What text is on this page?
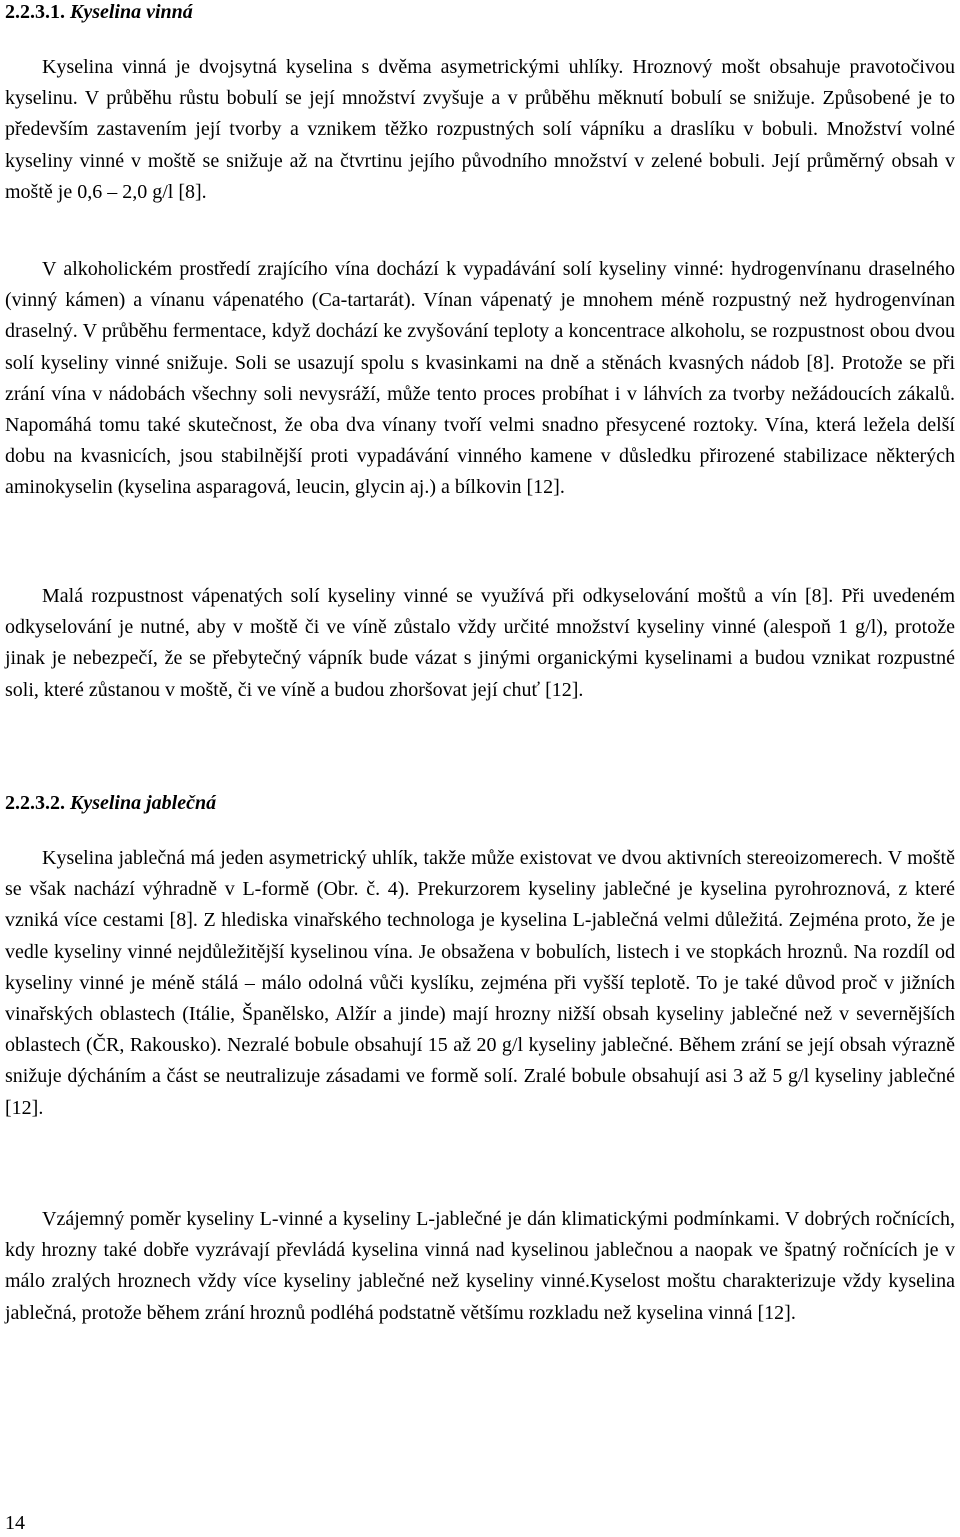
2.2.3.1. Kyselina vinná

Kyselina vinná je dvojsytná kyselina s dvěma asymetrickými uhlíky. Hroznový mošt obsahuje pravotočivou kyselinu. V průběhu růstu bobulí se její množství zvyšuje a v průběhu měknutí bobulí se snižuje. Způsobené je to především zastavením její tvorby a vznikem těžko rozpustných solí vápníku a draslíku v bobuli. Množství volné kyseliny vinné v moště se snižuje až na čtvrtinu jejího původního množství v zelené bobuli. Její průměrný obsah v moště je 0,6 – 2,0 g/l [8].

V alkoholickém prostředí zrajícího vína dochází k vypadávání solí kyseliny vinné: hydrogenvínanu draselného (vinný kámen) a vínanu vápenatého (Ca-tartarát). Vínan vápenatý je mnohem méně rozpustný než hydrogenvínan draselný. V průběhu fermentace, když dochází ke zvyšování teploty a koncentrace alkoholu, se rozpustnost obou dvou solí kyseliny vinné snižuje. Soli se usazují spolu s kvasinkami na dně a stěnách kvasných nádob [8]. Protože se při zrání vína v nádobách všechny soli nevysráží, může tento proces probíhat i v láhvích za tvorby nežádoucích zákalů. Napomáhá tomu také skutečnost, že oba dva vínany tvoří velmi snadno přesycené roztoky. Vína, která ležela delší dobu na kvasnicích, jsou stabilnější proti vypadávání vinného kamene v důsledku přirozené stabilizace některých aminokyselin (kyselina asparagová, leucin, glycin aj.) a bílkovin [12].

Malá rozpustnost vápenatých solí kyseliny vinné se využívá při odkyselování moštů a vín [8]. Při uvedeném odkyselování je nutné, aby v moště či ve víně zůstalo vždy určité množství kyseliny vinné (alespoň 1 g/l), protože jinak je nebezpečí, že se přebytečný vápník bude vázat s jinými organickými kyselinami a budou vznikat rozpustné soli, které zůstanou v moště, či ve víně a budou zhoršovat její chuť [12].

2.2.3.2. Kyselina jablečná

Kyselina jablečná má jeden asymetrický uhlík, takže může existovat ve dvou aktivních stereoizomerech. V moště se však nachází výhradně v L-formě (Obr. č. 4). Prekurzorem kyseliny jablečné je kyselina pyrohroznová, z které vzniká více cestami [8]. Z hlediska vinařského technologa je kyselina L-jablečná velmi důležitá. Zejména proto, že je vedle kyseliny vinné nejdůležitější kyselinou vína. Je obsažena v bobulích, listech i ve stopkách hroznů. Na rozdíl od kyseliny vinné je méně stálá – málo odolná vůči kyslíku, zejména při vyšší teplotě. To je také důvod proč v jižních vinařských oblastech (Itálie, Španělsko, Alžír a jinde) mají hrozny nižší obsah kyseliny jablečné než v severnějších oblastech (ČR, Rakousko). Nezralé bobule obsahují 15 až 20 g/l kyseliny jablečné. Během zrání se její obsah výrazně snižuje dýcháním a část se neutralizuje zásadami ve formě solí. Zralé bobule obsahují asi 3 až 5 g/l kyseliny jablečné [12].

Vzájemný poměr kyseliny L-vinné a kyseliny L-jablečné je dán klimatickými podmínkami. V dobrých ročnících, kdy hrozny také dobře vyzrávají převládá kyselina vinná nad kyselinou jablečnou a naopak ve špatný ročnících je v málo zralých hroznech vždy více kyseliny jablečné než kyseliny vinné.Kyselost moštu charakterizuje vždy kyselina jablečná, protože během zrání hroznů podléhá podstatně většímu rozkladu než kyselina vinná [12].

14
